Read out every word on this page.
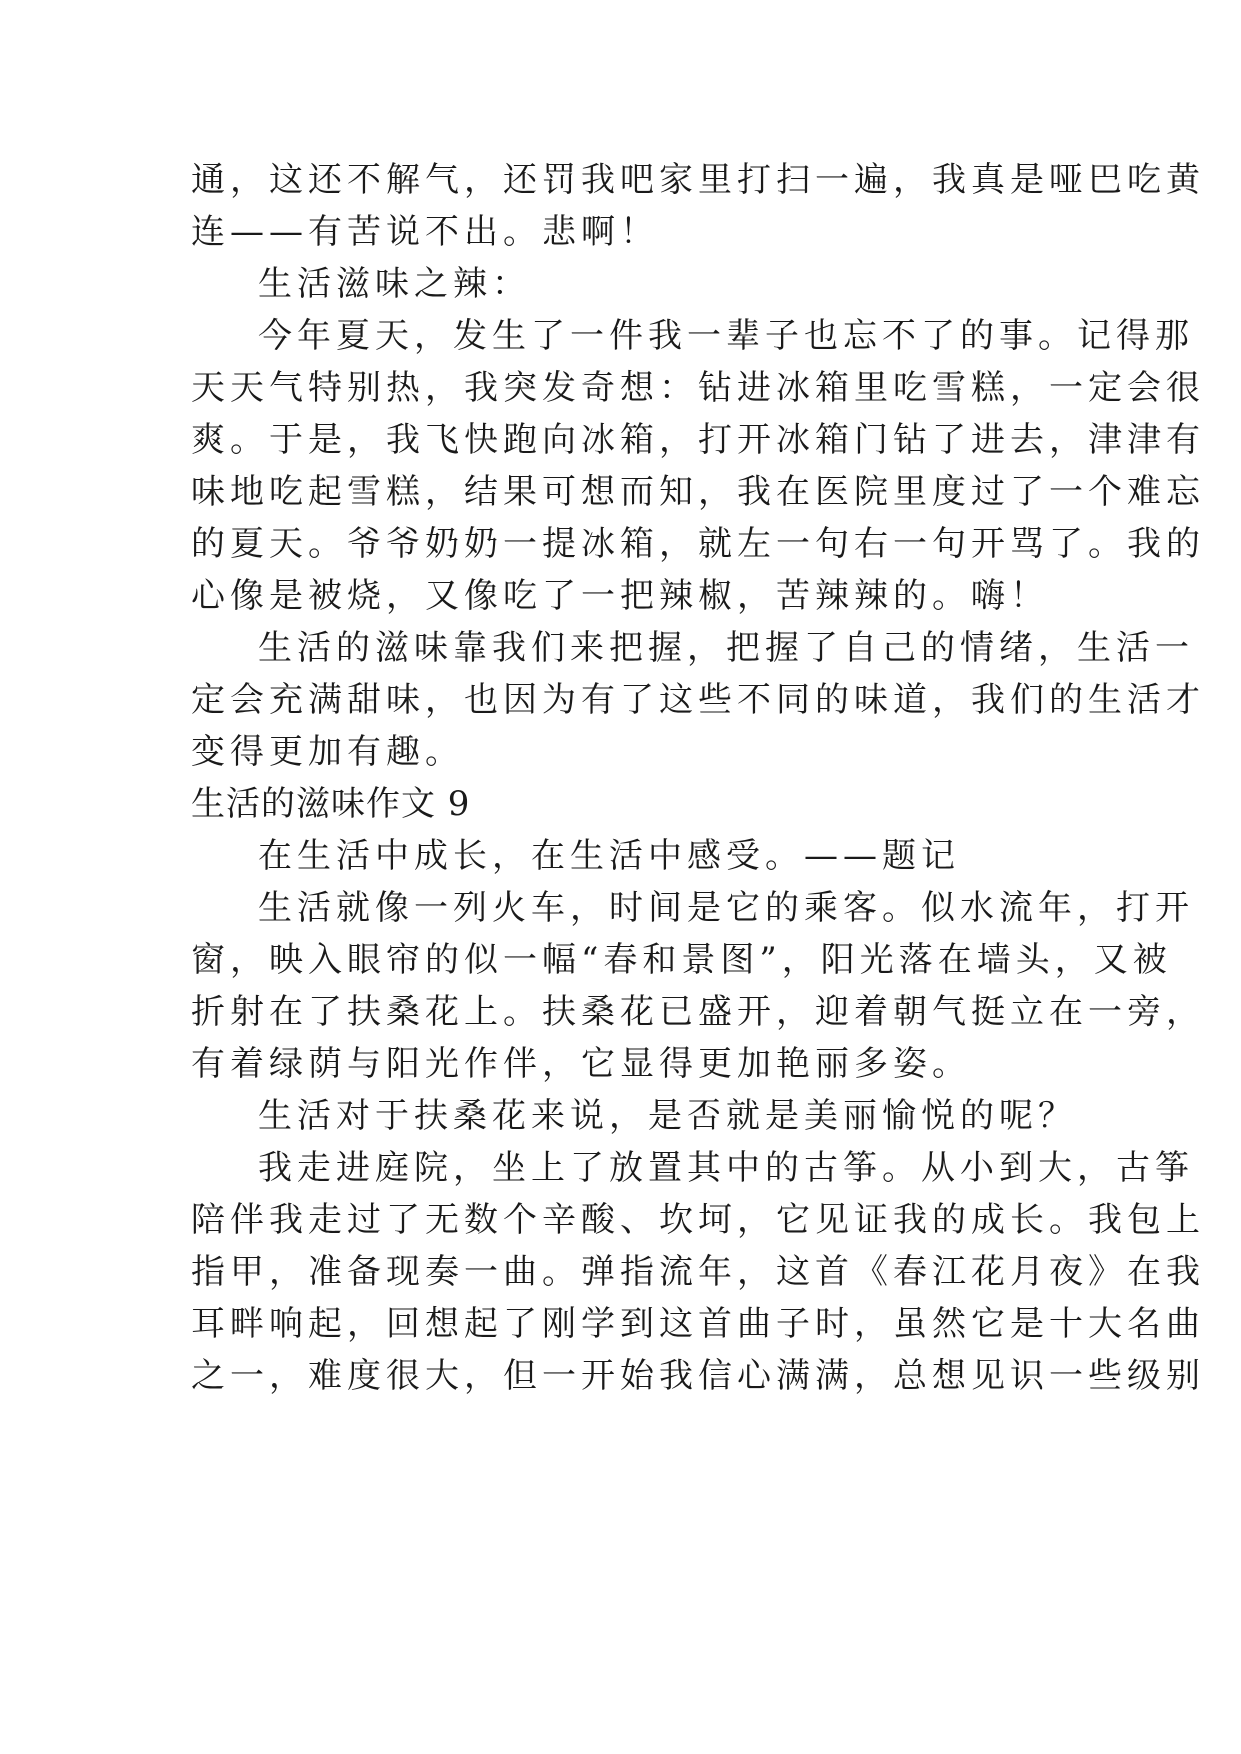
通，这还不解气，还罚我吧家里打扫一遍，我真是哑巴吃黄
连——有苦说不出。悲啊！
生活滋味之辣：
今年夏天，发生了一件我一辈子也忘不了的事。记得那
天天气特别热，我突发奇想：钻进冰箱里吃雪糕，一定会很
爽。于是，我飞快跑向冰箱，打开冰箱门钻了进去，津津有
味地吃起雪糕，结果可想而知，我在医院里度过了一个难忘
的夏天。爷爷奶奶一提冰箱，就左一句右一句开骂了。我的
心像是被烧，又像吃了一把辣椒，苦辣辣的。嗨！
生活的滋味靠我们来把握，把握了自己的情绪，生活一
定会充满甜味，也因为有了这些不同的味道，我们的生活才
变得更加有趣。
生活的滋味作文 9
在生活中成长，在生活中感受。——题记
生活就像一列火车，时间是它的乘客。似水流年，打开
窗，映入眼帘的似一幅“春和景图”，阳光落在墙头，又被
折射在了扶桑花上。扶桑花已盛开，迎着朝气挺立在一旁，
有着绿荫与阳光作伴，它显得更加艳丽多姿。
生活对于扶桑花来说，是否就是美丽愉悦的呢？
我走进庭院，坐上了放置其中的古筝。从小到大，古筝
陪伴我走过了无数个辛酸、坎坷，它见证我的成长。我包上
指甲，准备现奏一曲。弹指流年，这首《春江花月夜》在我
耳畔响起，回想起了刚学到这首曲子时，虽然它是十大名曲
之一，难度很大，但一开始我信心满满，总想见识一些级别
